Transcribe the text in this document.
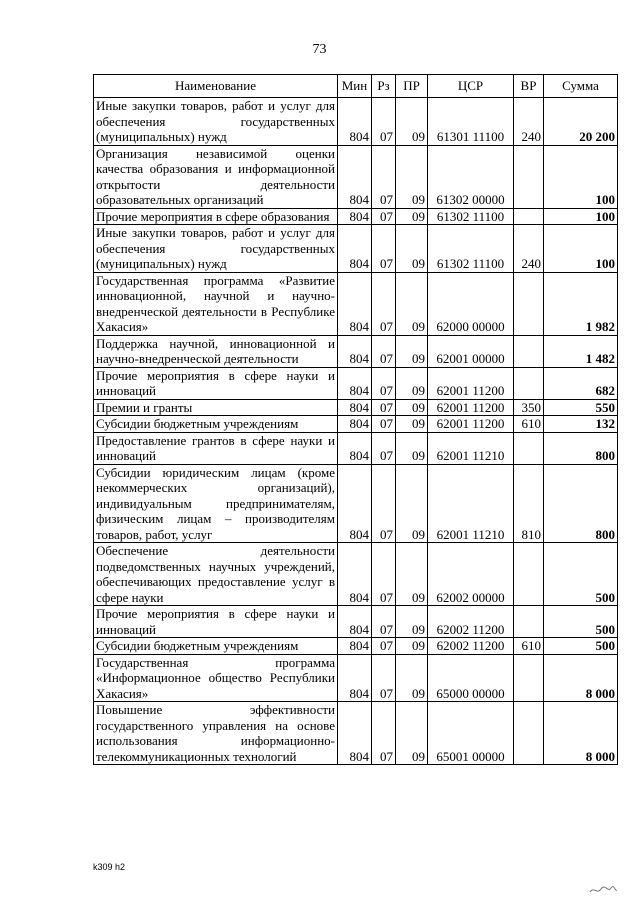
73
Наименование	Мин	Рз	ПР	ЦСР	ВР	Сумма
Иные закупки товаров, работ и услуг для обеспечения государственных (муниципальных) нужд	804	07	09	61301 11100	240	20 200
Организация независимой оценки качества образования и информационной открытости деятельности образовательных организаций	804	07	09	61302 00000		100
Прочие мероприятия в сфере образования	804	07	09	61302 11100		100
Иные закупки товаров, работ и услуг для обеспечения государственных (муниципальных) нужд	804	07	09	61302 11100	240	100
Государственная программа «Развитие инновационной, научной и научно-внедренческой деятельности в Республике Хакасия»	804	07	09	62000 00000		1 982
Поддержка научной, инновационной и научно-внедренческой деятельности	804	07	09	62001 00000		1 482
Прочие мероприятия в сфере науки и инноваций	804	07	09	62001 11200		682
Премии и гранты	804	07	09	62001 11200	350	550
Субсидии бюджетным учреждениям	804	07	09	62001 11200	610	132
Предоставление грантов в сфере науки и инноваций	804	07	09	62001 11210		800
Субсидии юридическим лицам (кроме некоммерческих организаций), индивидуальным предпринимателям, физическим лицам – производителям товаров, работ, услуг	804	07	09	62001 11210	810	800
Обеспечение деятельности подведомственных научных учреждений, обеспечивающих предоставление услуг в сфере науки	804	07	09	62002 00000		500
Прочие мероприятия в сфере науки и инноваций	804	07	09	62002 11200		500
Субсидии бюджетным учреждениям	804	07	09	62002 11200	610	500
Государственная программа «Информационное общество Республики Хакасия»	804	07	09	65000 00000		8 000
Повышение эффективности государственного управления на основе использования информационно-телекоммуникационных технологий	804	07	09	65001 00000		8 000
k309 h2
